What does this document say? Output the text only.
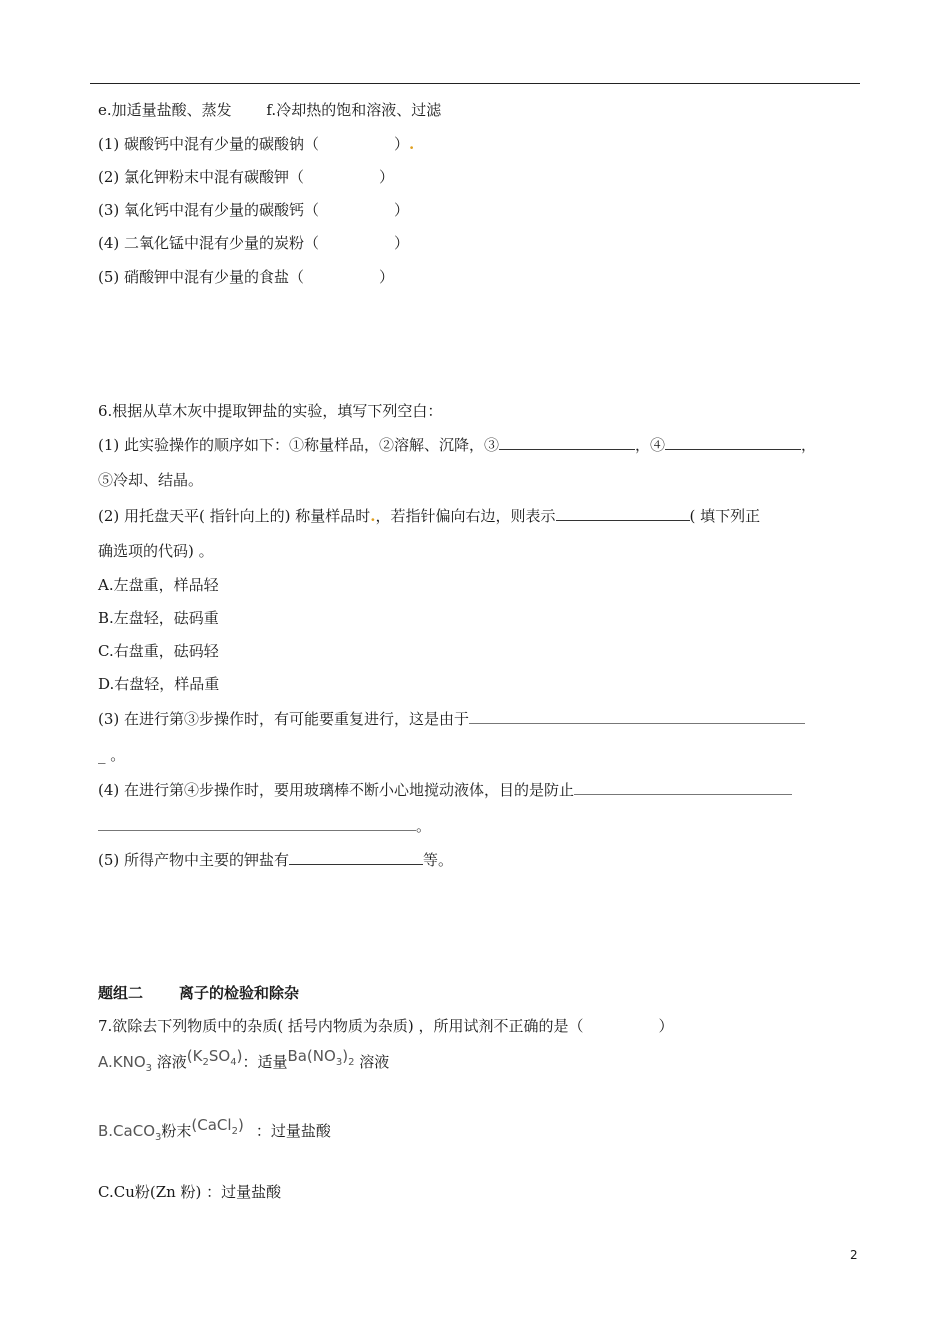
e.加适量盐酸、蒸发　　 f.冷却热的饱和溶液、过滤
(1) 碳酸钙中混有少量的碳酸钠（　　　　　）.
(2) 氯化钾粉末中混有碳酸钾（　　　　　）
(3) 氧化钙中混有少量的碳酸钙（　　　　　）
(4) 二氧化锰中混有少量的炭粉（　　　　　）
(5) 硝酸钾中混有少量的食盐（　　　　　）
6.根据从草木灰中提取钾盐的实验，填写下列空白：
(1) 此实验操作的顺序如下：①称量样品，②溶解、沉降，③	，④	，
⑤冷却、结晶。
(2) 用托盘天平( 指针向上的) 称量样品时.，若指针偏向右边，则表示	( 填下列正
确选项的代码) 。
A.左盘重，样品轻
B.左盘轻，砝码重
C.右盘重，砝码轻
D.右盘轻，样品重
(3) 在进行第③步操作时，有可能要重复进行，这是由于
_ 。
(4) 在进行第④步操作时，要用玻璃棒不断小心地搅动液体，目的是防止
。
(5) 所得产物中主要的钾盐有	等。
题组二 离子的检验和除杂
7.欲除去下列物质中的杂质( 括号内物质为杂质) ，所用试剂不正确的是（　　　　　）
$A.KNO_3$ 溶液$(K_2SO_4)$：适量$Ba(NO_3)_2$ 溶液
B.CaCO$_3$粉末(CaCl$_2$) ：过量盐酸
C.Cu粉(Zn 粉) ：过量盐酸
2
